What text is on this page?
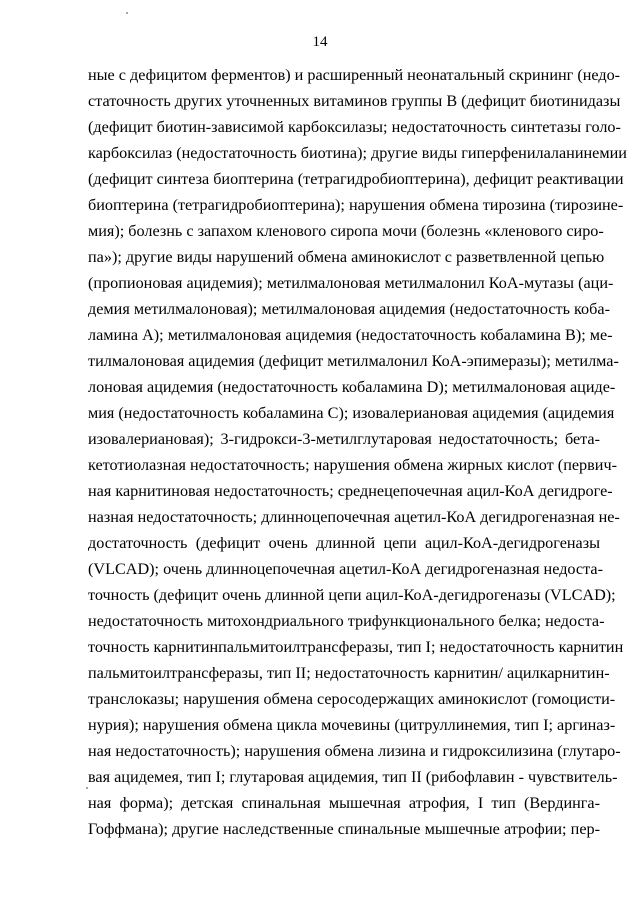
14
ные с дефицитом ферментов) и расширенный неонатальный скрининг (недо-
статочность других уточненных витаминов группы B (дефицит биотинидазы
(дефицит биотин-зависимой карбоксилазы; недостаточность синтетазы голо-
карбоксилаз (недостаточность биотина); другие виды гиперфенилаланинемии
(дефицит синтеза биоптерина (тетрагидробиоптерина), дефицит реактивации
биоптерина (тетрагидробиоптерина); нарушения обмена тирозина (тирозине-
мия); болезнь с запахом кленового сиропа мочи (болезнь «кленового сиро-
па»); другие виды нарушений обмена аминокислот с разветвленной цепью
(пропионовая ацидемия); метилмалоновая метилмалонил КоА-мутазы (аци-
демия метилмалоновая); метилмалоновая ацидемия (недостаточность коба-
ламина А); метилмалоновая ацидемия (недостаточность кобаламина В); ме-
тилмалоновая ацидемия (дефицит метилмалонил КоА-эпимеразы); метилма-
лоновая ацидемия (недостаточность кобаламина D); метилмалоновая ациде-
мия (недостаточность кобаламина С); изовалериановая ацидемия (ацидемия
изовалериановая); 3-гидрокси-3-метилглутаровая недостаточность; бета-
кетотиолазная недостаточность; нарушения обмена жирных кислот (первич-
ная карнитиновая недостаточность; среднецепочечная ацил-КоА дегидроге-
назная недостаточность; длинноцепочечная ацетил-КоА дегидрогеназная не-
достаточность (дефицит очень длинной цепи ацил-КоА-дегидрогеназы
(VLCAD); очень длинноцепочечная ацетил-КоА дегидрогеназная недоста-
точность (дефицит очень длинной цепи ацил-КоА-дегидрогеназы (VLCAD);
недостаточность митохондриального трифункционального белка; недоста-
точность карнитинпальмитоилтрансферазы, тип I; недостаточность карнитин
пальмитоилтрансферазы, тип II; недостаточность карнитин/ ацилкарнитин-
транслоказы; нарушения обмена серосодержащих аминокислот (гомоцисти-
нурия); нарушения обмена цикла мочевины (цитруллинемия, тип I; аргиназ-
ная недостаточность); нарушения обмена лизина и гидроксилизина (глутаро-
вая ацидемея, тип I; глутаровая ацидемия, тип II (рибофлавин - чувствитель-
ная форма); детская спинальная мышечная атрофия, I тип (Вердинга-
Гоффмана); другие наследственные спинальные мышечные атрофии; пер-
